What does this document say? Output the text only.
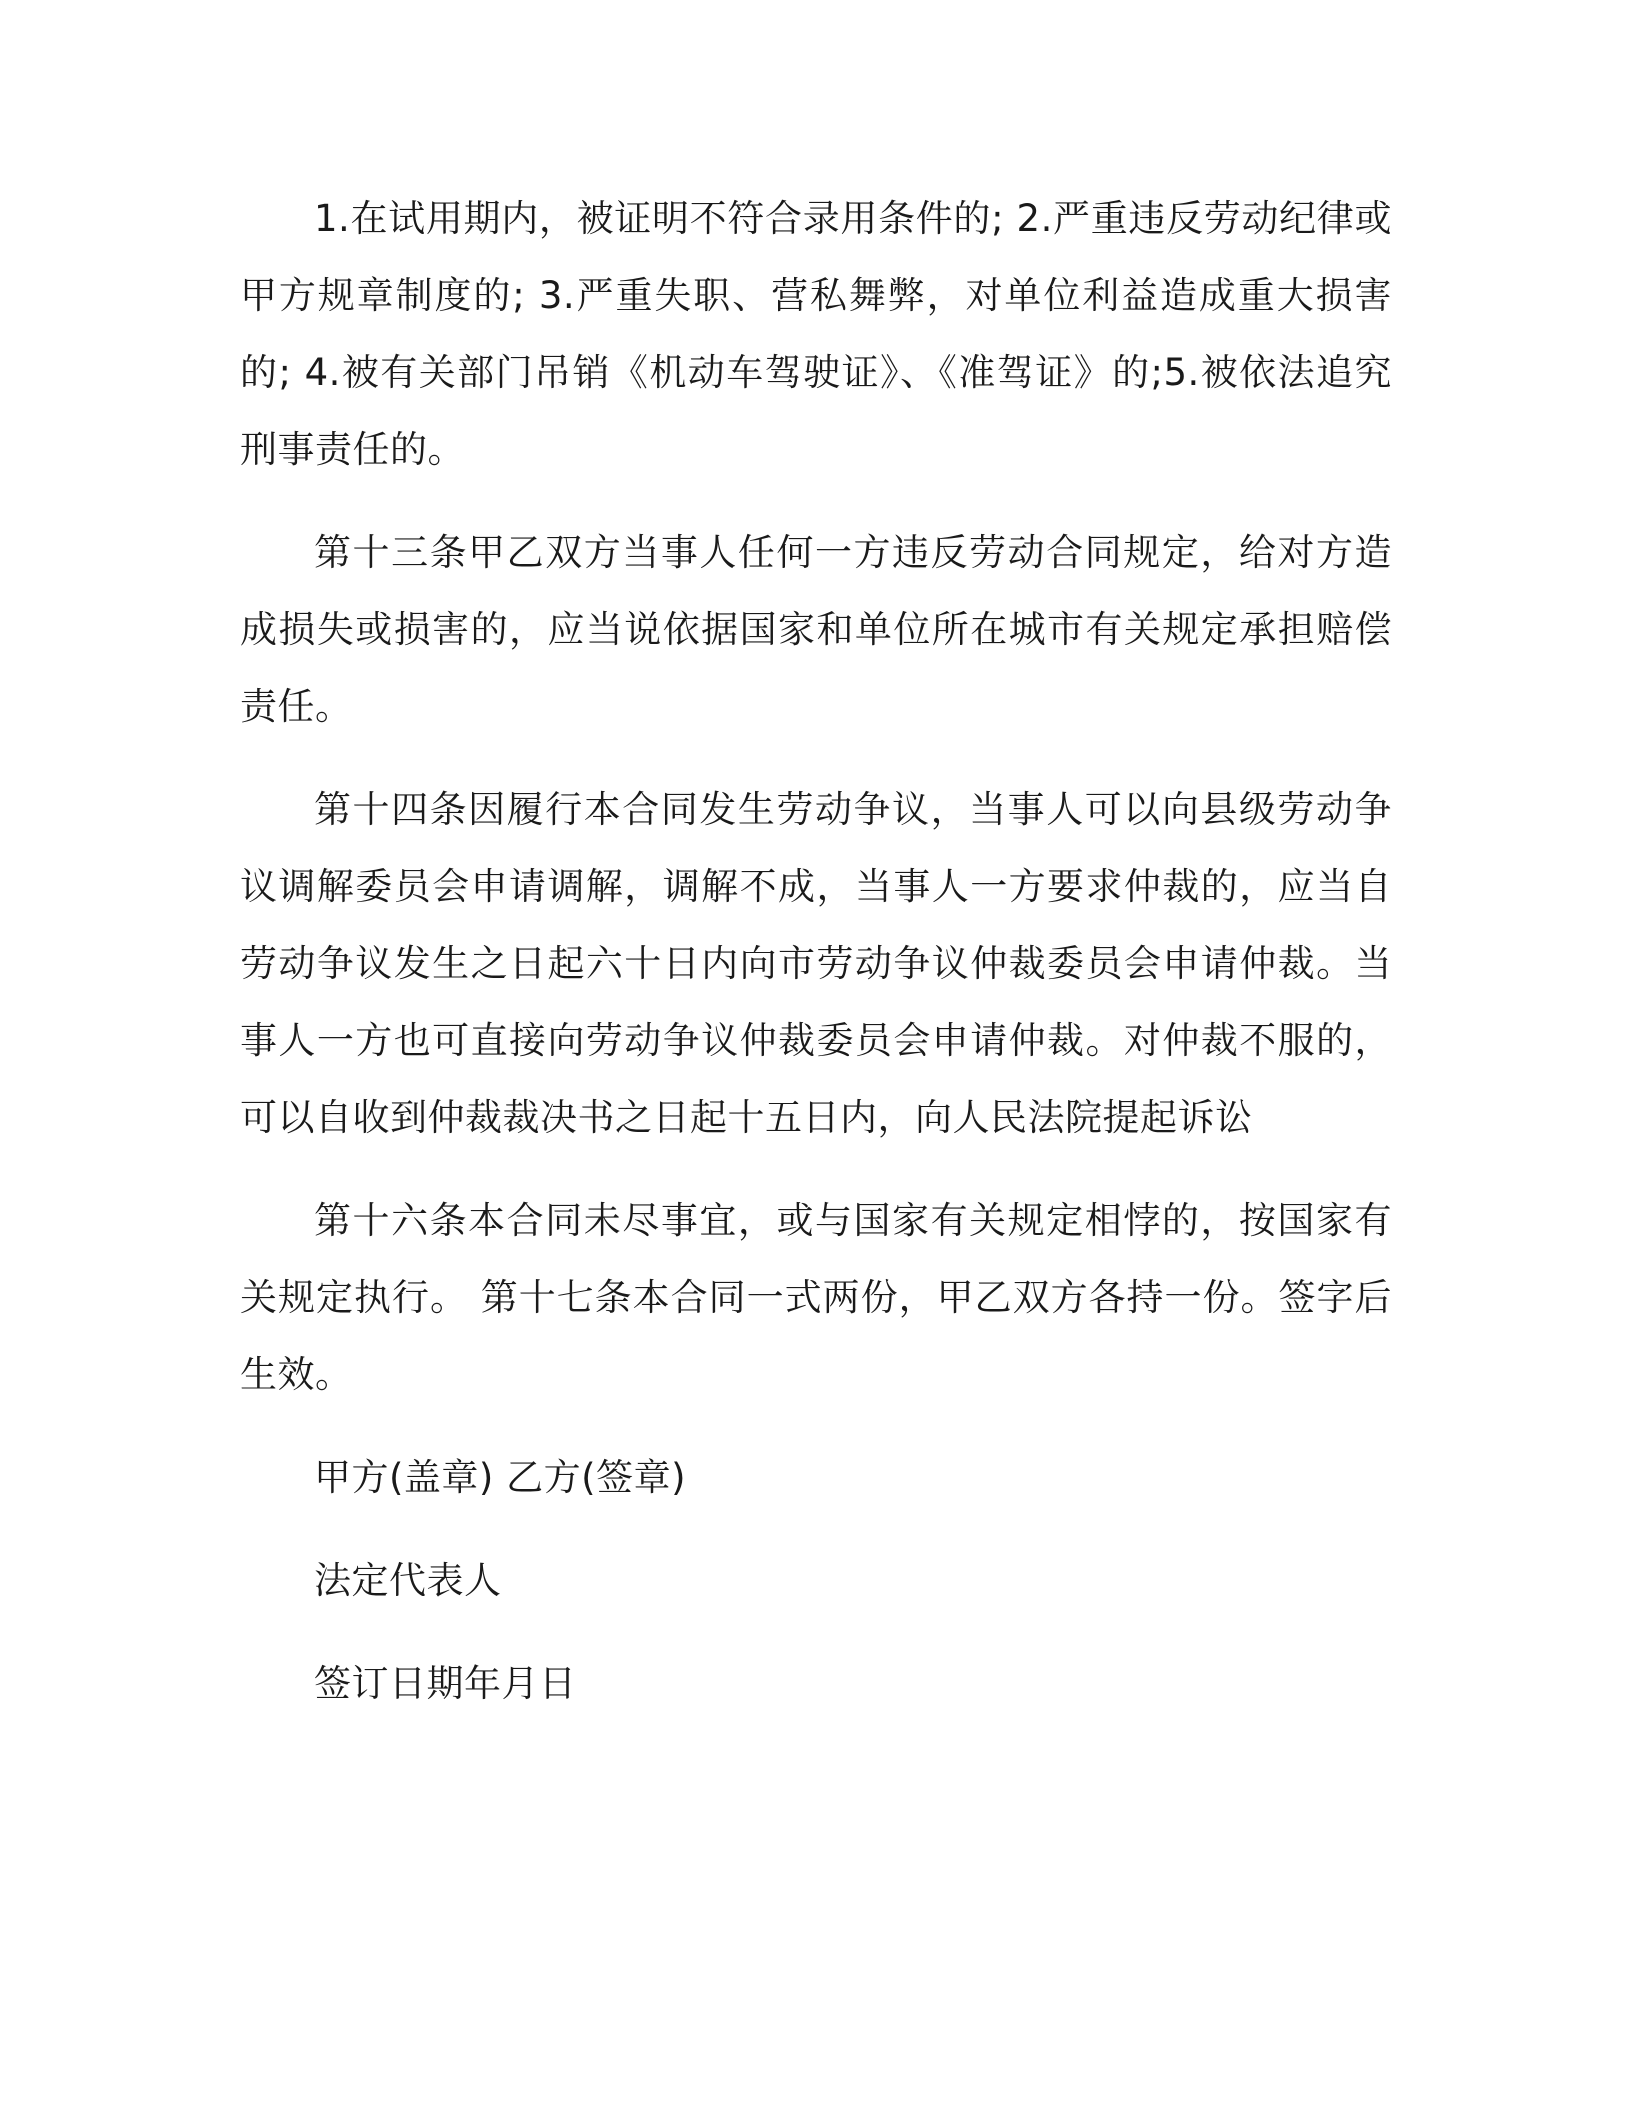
1.在试用期内，被证明不符合录用条件的; 2.严重违反劳动纪律或甲方规章制度的; 3.严重失职、营私舞弊，对单位利益造成重大损害的; 4.被有关部门吊销《机动车驾驶证》、《准驾证》的;5.被依法追究刑事责任的。

第十三条甲乙双方当事人任何一方违反劳动合同规定，给对方造成损失或损害的，应当说依据国家和单位所在城市有关规定承担赔偿责任。

第十四条因履行本合同发生劳动争议，当事人可以向县级劳动争议调解委员会申请调解，调解不成，当事人一方要求仲裁的，应当自劳动争议发生之日起六十日内向市劳动争议仲裁委员会申请仲裁。当事人一方也可直接向劳动争议仲裁委员会申请仲裁。对仲裁不服的，可以自收到仲裁裁决书之日起十五日内，向人民法院提起诉讼

第十六条本合同未尽事宜，或与国家有关规定相悖的，按国家有关规定执行。 第十七条本合同一式两份，甲乙双方各持一份。签字后生效。

甲方(盖章) 乙方(签章)
法定代表人
签订日期年月日
